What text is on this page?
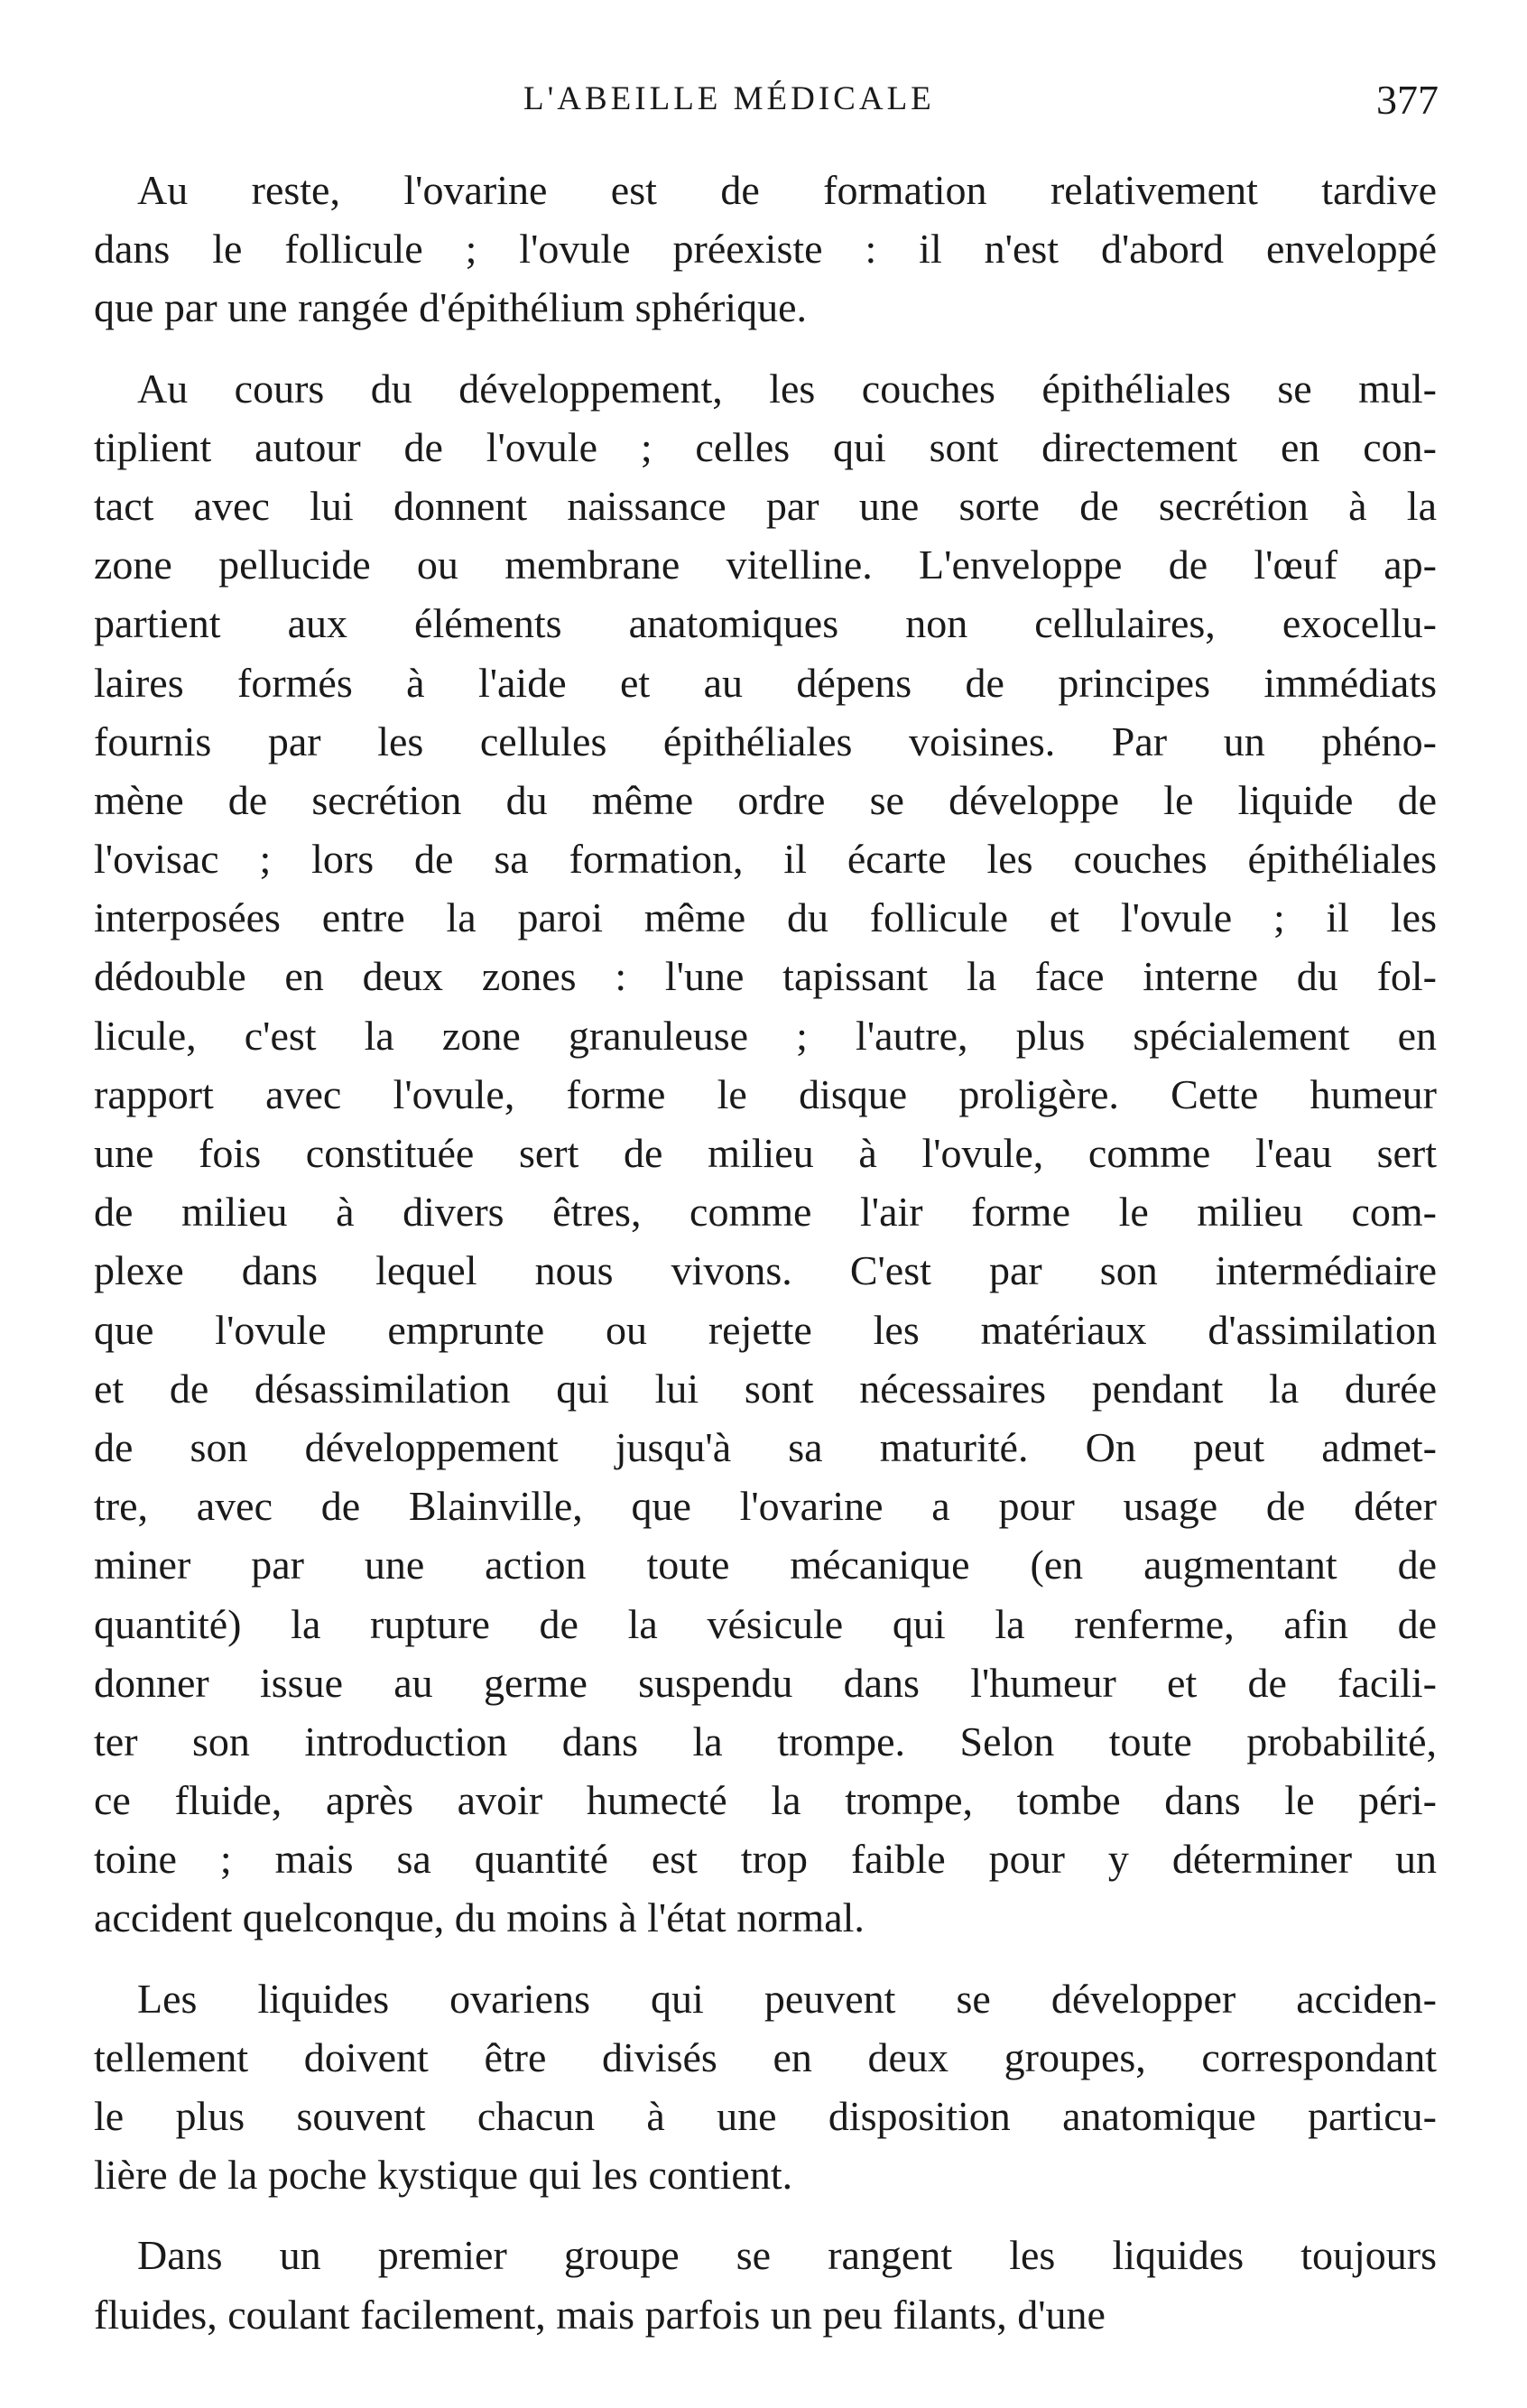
L'ABEILLE MÉDICALE	377
Au reste, l'ovarine est de formation relativement tardive
dans le follicule ; l'ovule préexiste : il n'est d'abord enveloppé
que par une rangée d'épithélium sphérique.
Au cours du développement, les couches épithéliales se mul-
tiplient autour de l'ovule ; celles qui sont directement en con-
tact avec lui donnent naissance par une sorte de secrétion à la
zone pellucide ou membrane vitelline. L'enveloppe de l'œuf ap-
partient aux éléments anatomiques non cellulaires, exocellu-
laires formés à l'aide et au dépens de principes immédiats
fournis par les cellules épithéliales voisines. Par un phéno-
mène de secrétion du même ordre se développe le liquide de
l'ovisac ; lors de sa formation, il écarte les couches épithéliales
interposées entre la paroi même du follicule et l'ovule ; il les
dédouble en deux zones : l'une tapissant la face interne du fol-
licule, c'est la zone granuleuse ; l'autre, plus spécialement en
rapport avec l'ovule, forme le disque proligère. Cette humeur
une fois constituée sert de milieu à l'ovule, comme l'eau sert
de milieu à divers êtres, comme l'air forme le milieu com-
plexe dans lequel nous vivons. C'est par son intermédiaire
que l'ovule emprunte ou rejette les matériaux d'assimilation
et de désassimilation qui lui sont nécessaires pendant la durée
de son développement jusqu'à sa maturité. On peut admet-
tre, avec de Blainville, que l'ovarine a pour usage de déter
miner par une action toute mécanique (en augmentant de
quantité) la rupture de la vésicule qui la renferme, afin de
donner issue au germe suspendu dans l'humeur et de facili-
ter son introduction dans la trompe. Selon toute probabilité,
ce fluide, après avoir humecté la trompe, tombe dans le péri-
toine ; mais sa quantité est trop faible pour y déterminer un
accident quelconque, du moins à l'état normal.
Les liquides ovariens qui peuvent se développer acciden-
tellement doivent être divisés en deux groupes, correspondant
le plus souvent chacun à une disposition anatomique particu-
lière de la poche kystique qui les contient.
Dans un premier groupe se rangent les liquides toujours
fluides, coulant facilement, mais parfois un peu filants, d'une
